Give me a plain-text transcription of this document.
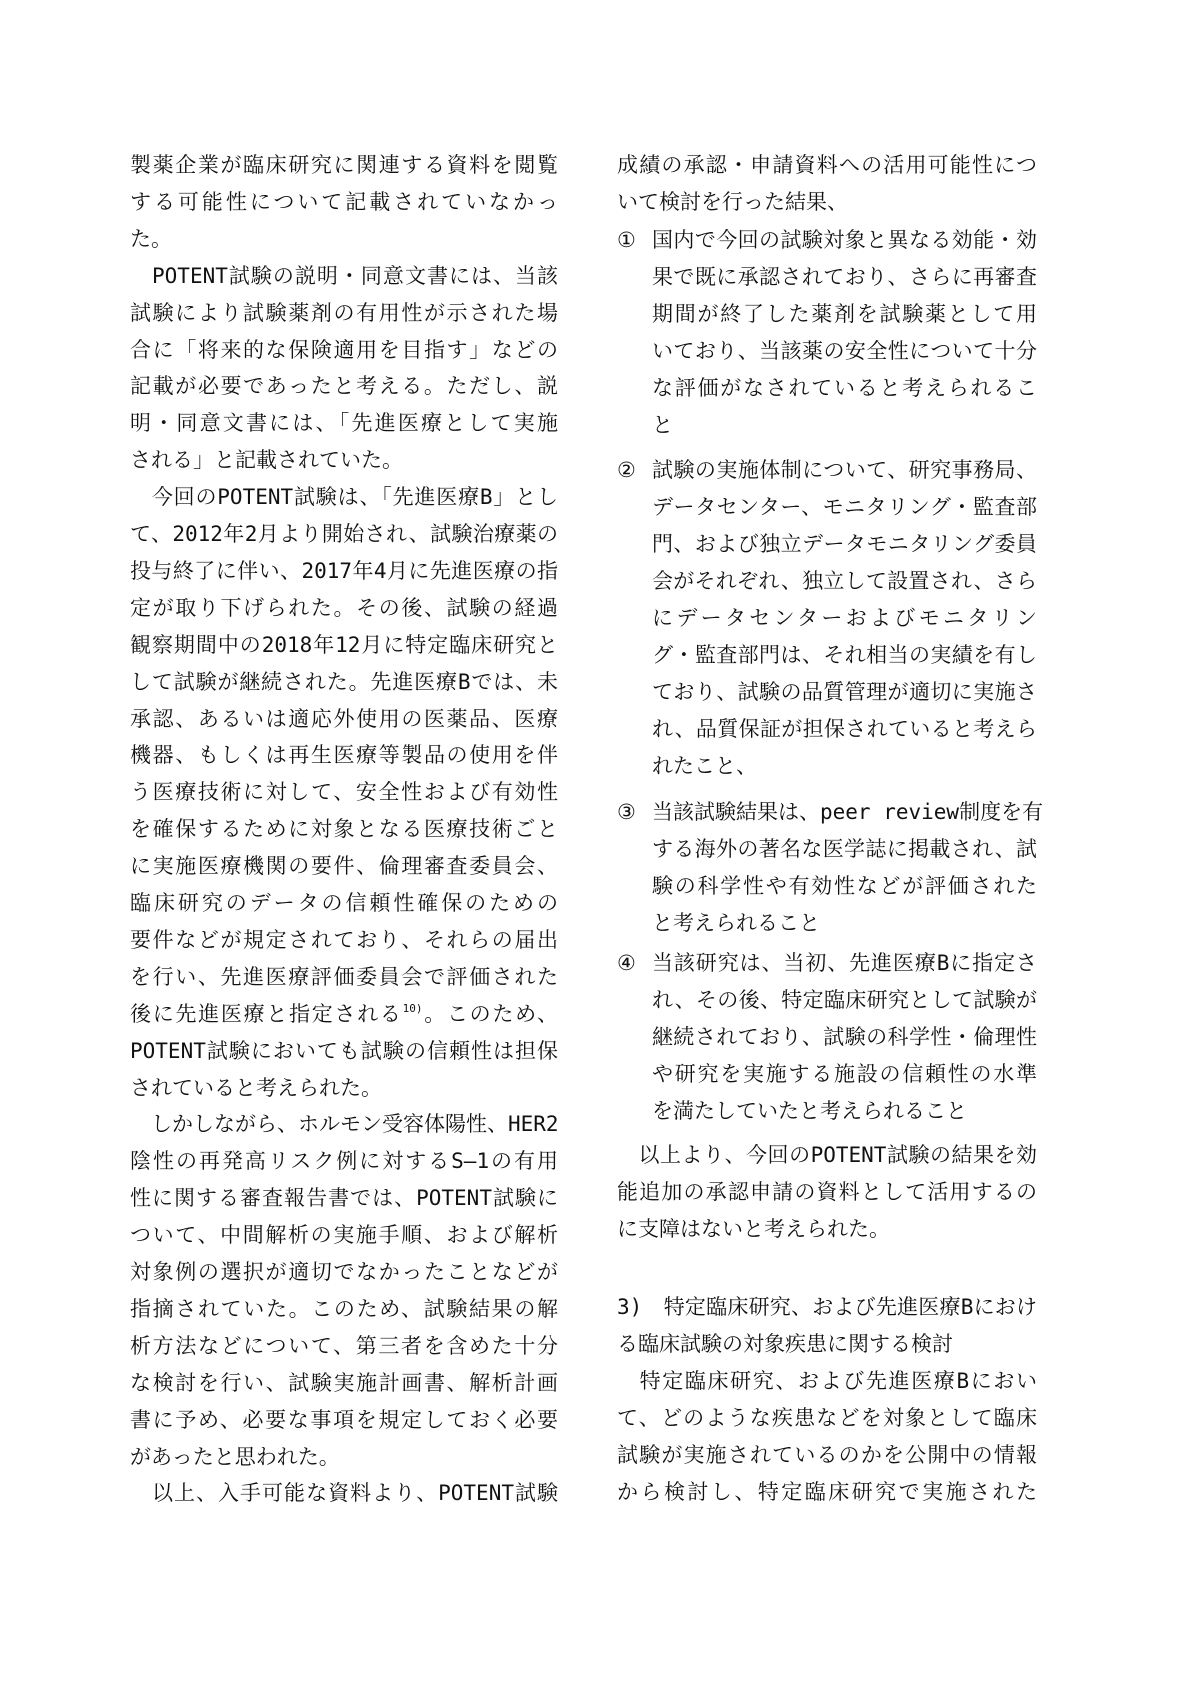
製薬企業が臨床研究に関連する資料を閲覧
する可能性について記載されていなかっ
た。
　POTENT試験の説明・同意文書には、当該
試験により試験薬剤の有用性が示された場
合に「将来的な保険適用を目指す」などの
記載が必要であったと考える。ただし、説
明・同意文書には、「先進医療として実施
される」と記載されていた。
　今回のPOTENT試験は、「先進医療B」とし
て、2012年2月より開始され、試験治療薬の
投与終了に伴い、2017年4月に先進医療の指
定が取り下げられた。その後、試験の経過
観察期間中の2018年12月に特定臨床研究と
して試験が継続された。先進医療Bでは、未
承認、あるいは適応外使用の医薬品、医療
機器、もしくは再生医療等製品の使用を伴
う医療技術に対して、安全性および有効性
を確保するために対象となる医療技術ごと
に実施医療機関の要件、倫理審査委員会、
臨床研究のデータの信頼性確保のための
要件などが規定されており、それらの届出
を行い、先進医療評価委員会で評価された
後に先進医療と指定される$^{10)}$。このため、
POTENT試験においても試験の信頼性は担保
されていると考えられた。
　しかしながら、ホルモン受容体陽性、HER2
陰性の再発高リスク例に対するS—1の有用
性に関する審査報告書では、POTENT試験に
ついて、中間解析の実施手順、および解析
対象例の選択が適切でなかったことなどが
指摘されていた。このため、試験結果の解
析方法などについて、第三者を含めた十分
な検討を行い、試験実施計画書、解析計画
書に予め、必要な事項を規定しておく必要
があったと思われた。
　以上、入手可能な資料より、POTENT試験
成績の承認・申請資料への活用可能性につ
いて検討を行った結果、
① 国内で今回の試験対象と異なる効能・効
果で既に承認されており、さらに再審査
期間が終了した薬剤を試験薬として用
いており、当該薬の安全性について十分
な評価がなされていると考えられるこ
と
② 試験の実施体制について、研究事務局、
データセンター、モニタリング・監査部
門、および独立データモニタリング委員
会がそれぞれ、独立して設置され、さら
にデータセンターおよびモニタリン
グ・監査部門は、それ相当の実績を有し
ており、試験の品質管理が適切に実施さ
れ、品質保証が担保されていると考えら
れたこと、
③ 当該試験結果は、peer review制度を有
する海外の著名な医学誌に掲載され、試
験の科学性や有効性などが評価された
と考えられること
④ 当該研究は、当初、先進医療Bに指定さ
れ、その後、特定臨床研究として試験が
継続されており、試験の科学性・倫理性
や研究を実施する施設の信頼性の水準
を満たしていたと考えられること
　以上より、今回のPOTENT試験の結果を効
能追加の承認申請の資料として活用するの
に支障はないと考えられた。
3)　特定臨床研究、および先進医療Bにおけ
る臨床試験の対象疾患に関する検討
　特定臨床研究、および先進医療Bにおい
て、どのような疾患などを対象として臨床
試験が実施されているのかを公開中の情報
から検討し、特定臨床研究で実施された
